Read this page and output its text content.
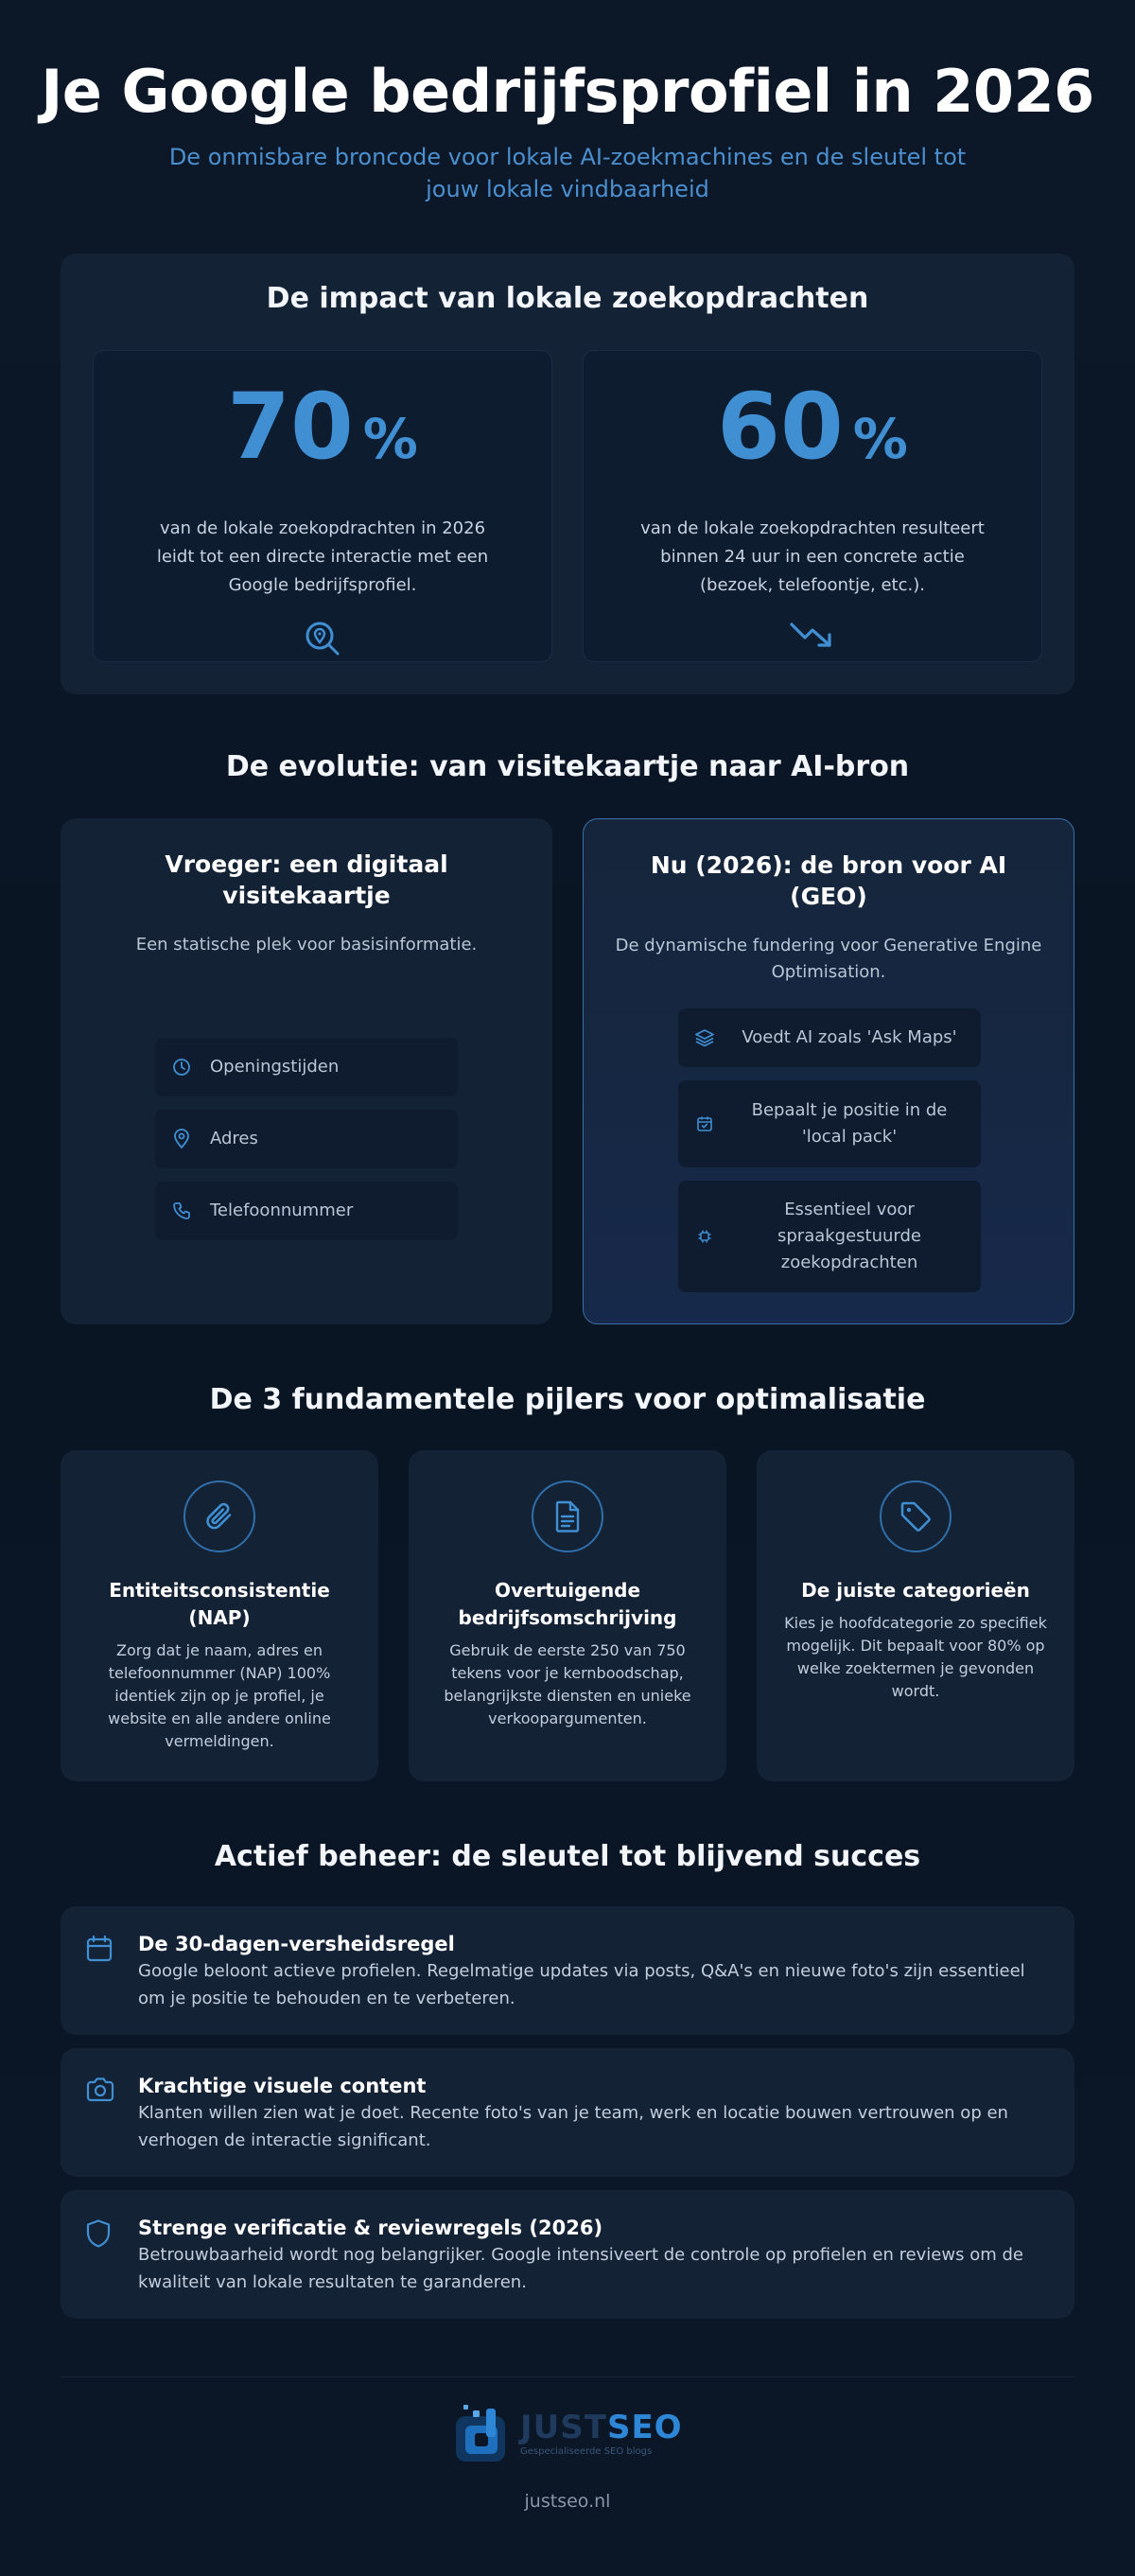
Je Google bedrijfsprofiel in 2026

De onmisbare broncode voor lokale AI-zoekmachines en de sleutel tot jouw lokale vindbaarheid

De impact van lokale zoekopdrachten
70 %

van de lokale zoekopdrachten in 2026 leidt tot een directe interactie met een Google bedrijfsprofiel.

60 %

van de lokale zoekopdrachten resulteert binnen 24 uur in een concrete actie (bezoek, telefoontje, etc.).

De evolutie: van visitekaartje naar AI-bron
Vroeger: een digitaal visitekaartje

Een statische plek voor basisinformatie.

Openingstijden
Adres
Telefoonnummer
Nu (2026): de bron voor AI (GEO)

De dynamische fundering voor Generative Engine Optimisation.

Voedt AI zoals 'Ask Maps'
Bepaalt je positie in de 'local pack'
Essentieel voor spraakgestuurde zoekopdrachten
De 3 fundamentele pijlers voor optimalisatie
Entiteitsconsistentie (NAP)

Zorg dat je naam, adres en telefoonnummer (NAP) 100% identiek zijn op je profiel, je website en alle andere online vermeldingen.

Overtuigende bedrijfsomschrijving

Gebruik de eerste 250 van 750 tekens voor je kernboodschap, belangrijkste diensten en unieke verkoopargumenten.

De juiste categorieën

Kies je hoofdcategorie zo specifiek mogelijk. Dit bepaalt voor 80% op welke zoektermen je gevonden wordt.

Actief beheer: de sleutel tot blijvend succes
De 30-dagen-versheidsregel

Google beloont actieve profielen. Regelmatige updates via posts, Q&A's en nieuwe foto's zijn essentieel om je positie te behouden en te verbeteren.

Krachtige visuele content

Klanten willen zien wat je doet. Recente foto's van je team, werk en locatie bouwen vertrouwen op en verhogen de interactie significant.

Strenge verificatie & reviewregels (2026)

Betrouwbaarheid wordt nog belangrijker. Google intensiveert de controle op profielen en reviews om de kwaliteit van lokale resultaten te garanderen.

JUSTSEO
Gespecialiseerde SEO blogs
justseo.nl
